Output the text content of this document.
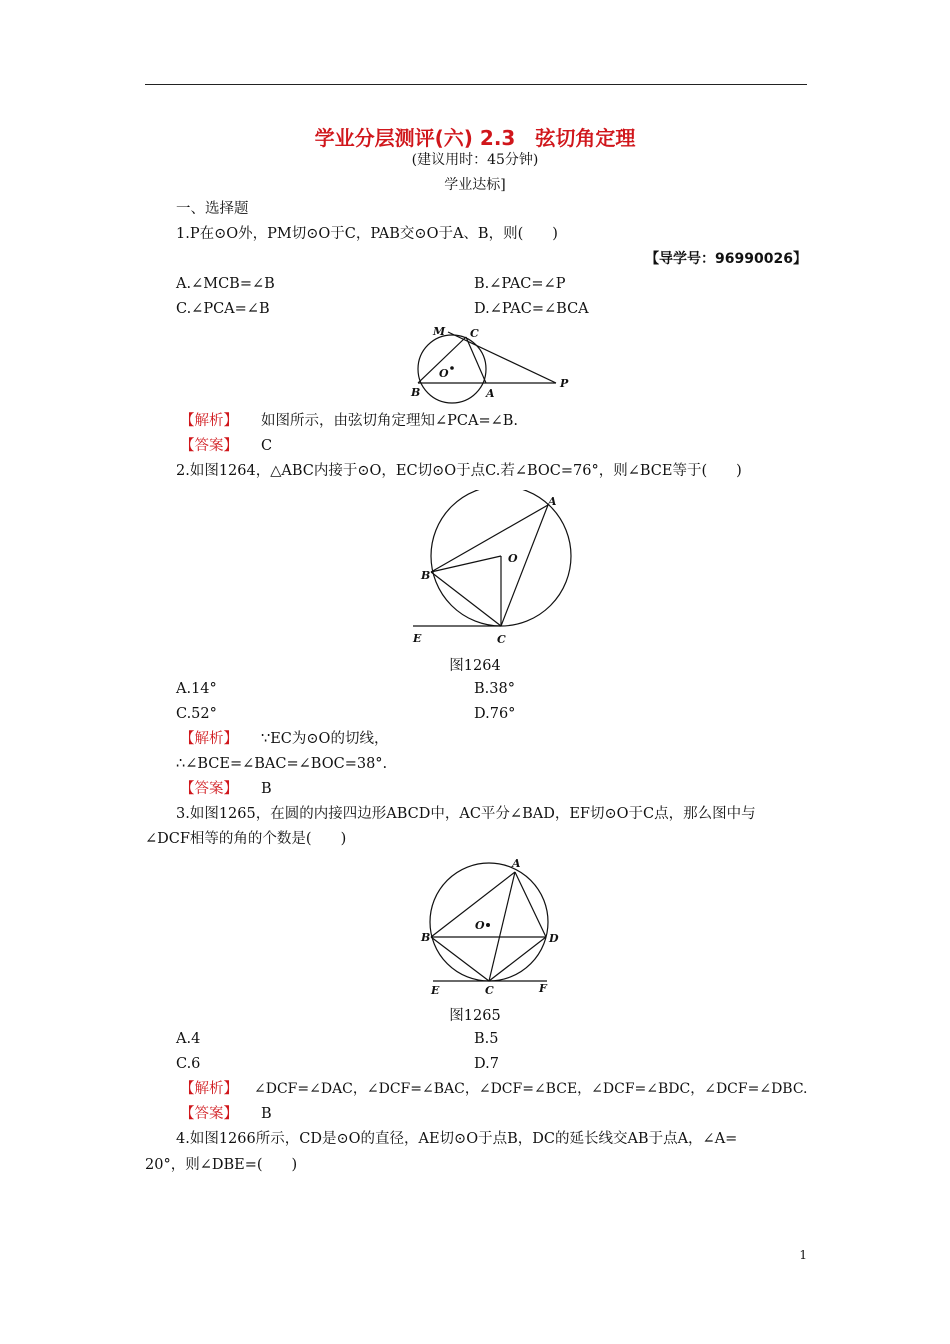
学业分层测评(六) 2.3　弦切角定理
(建议用时：45分钟)
学业达标]
一、选择题
1.P在⊙O外，PM切⊙O于C，PAB交⊙O于A、B，则(　　)
【导学号：96990026】
A.∠MCB=∠B	B.∠PAC=∠P
C.∠PCA=∠B	D.∠PAC=∠BCA
M C
O
B	A
P
【解析】 如图所示，由弦切角定理知∠PCA=∠B.
【答案】 C
2.如图1264，△ABC内接于⊙O，EC切⊙O于点C.若∠BOC=76°，则∠BCE等于(　　)
A
O
B
E	C
图1264
A.14°	B.38°
C.52°	D.76°
【解析】 ∵EC为⊙O的切线，
∴∠BCE=∠BAC=∠BOC=38°.
【答案】 B
3.如图1265，在圆的内接四边形ABCD中，AC平分∠BAD，EF切⊙O于C点，那么图中与
∠DCF相等的角的个数是(　　)
A
O
B	D
E	C	F
图1265
A.4	B.5
C.6	D.7
【解析】 ∠DCF=∠DAC，∠DCF=∠BAC，∠DCF=∠BCE，∠DCF=∠BDC，∠DCF=∠DBC.
【答案】 B
4.如图1266所示，CD是⊙O的直径，AE切⊙O于点B，DC的延长线交AB于点A，∠A=
20°，则∠DBE=(　　)
1
